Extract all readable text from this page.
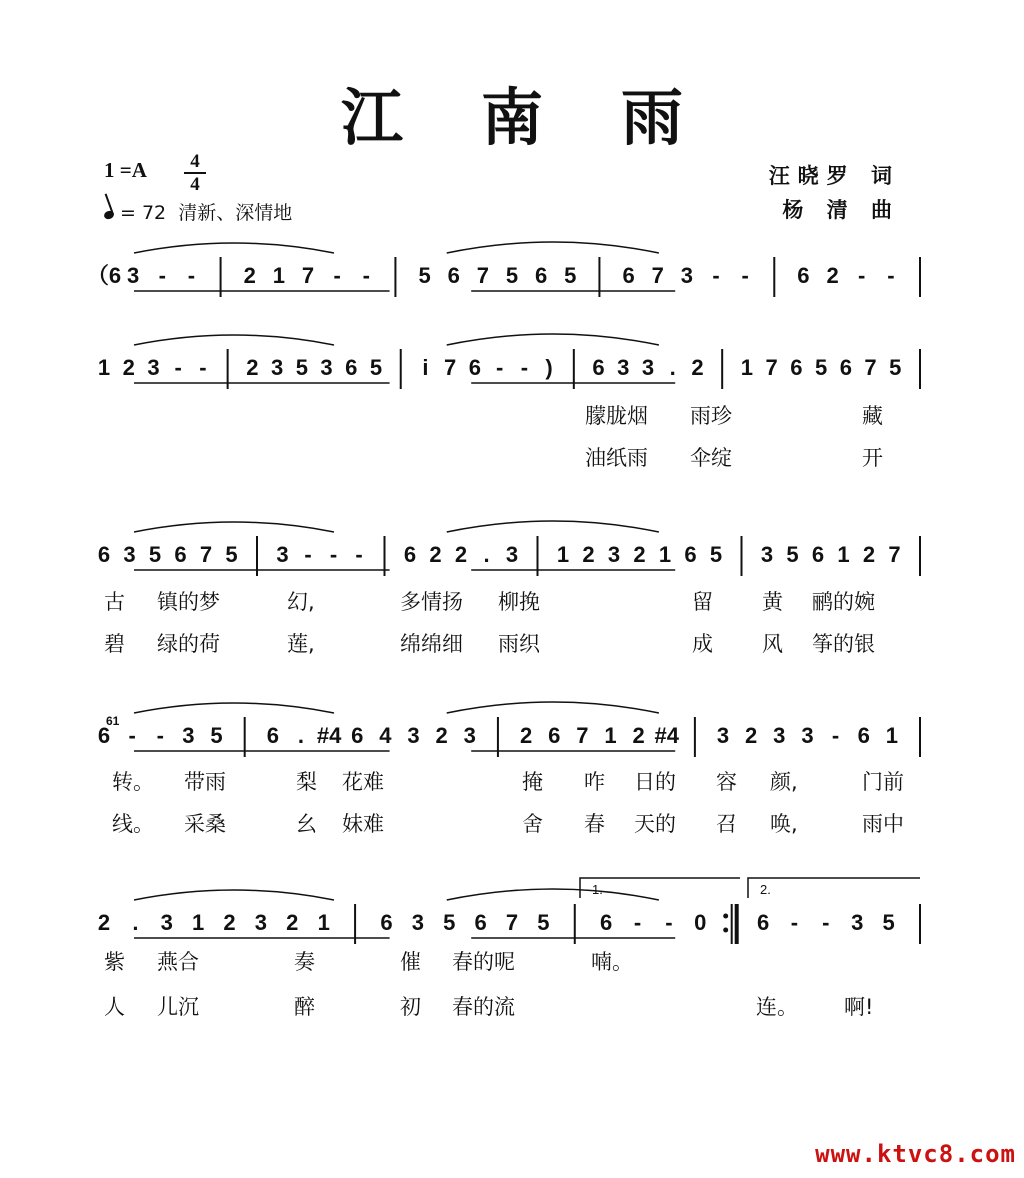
江南雨
1 =A	4
4
= 72 清新、深情地
汪晓罗 词
杨 清 曲
（6 3 - - 2 1 7 - - 5 6 7 5 6 5 6 7 3 - - 6 2 - -
1 2 3 - - 2 3 5 3 6 5 i 7 6 - - ) 6 3 3 . 2 1 7 6 5 6 7 5
6 3 5 6 7 5 3 - - - 6 2 2 . 3 1 2 3 2 1 6 5 3 5 6 1 2 7
6 - - 3 5 6 . #4 6 4 3 2 3 2 6 7 1 2 #4 3 2 3 3 - 6 1
2 . 3 1 2 3 2 1 6 3 5 6 7 5 6 - - 0 6 - - 3 5
1.	2.
61
朦胧烟 雨珍	藏
油纸雨 伞绽	开
古 镇的梦	幻,	多情扬 柳挽	留 黄 鹂的婉
碧 绿的荷	莲,	绵绵细 雨织	成 风 筝的银
转。 带雨	梨 花难	掩 咋 日的 容 颜,	门前
线。 采桑	幺 妹难	舍 春 天的 召 唤,	雨中
紫 燕合	奏	催 春的呢	喃。
人 儿沉	醉	初 春的流	连。 啊!
www.ktvc8.com
